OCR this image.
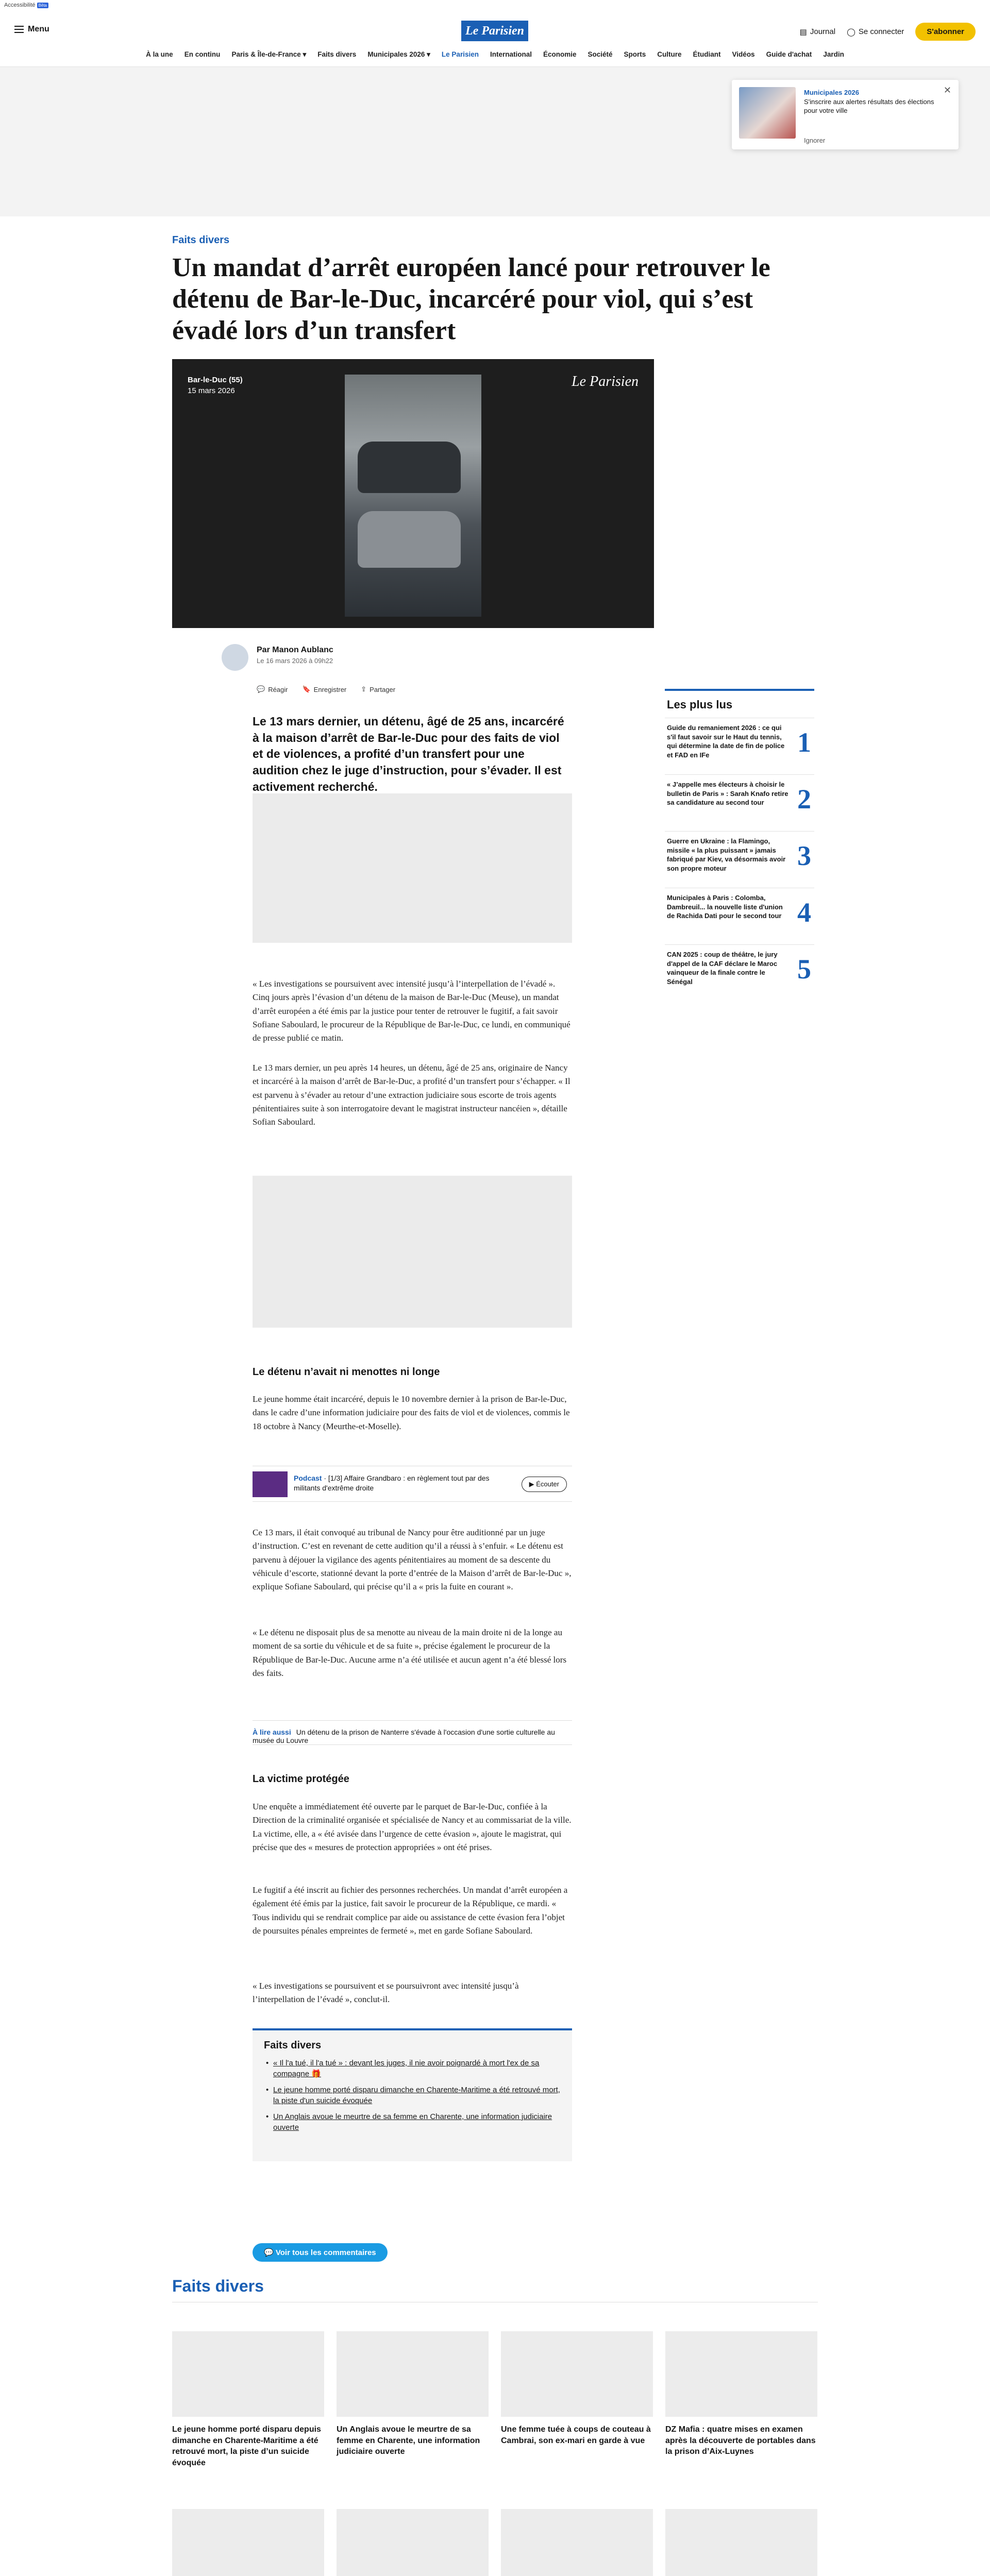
Accessibilité Bêta
Menu	Le Parisien	▤ Journal ◯ Se connecter	S'abonner
À la une En continu Paris & Île-de-France ▾ Faits divers Municipales 2026 ▾ Le Parisien International Économie Société Sports Culture Étudiant Vidéos Guide d'achat Jardin
Municipales 2026
S'inscrire aux alertes résultats des élections pour votre ville
✕
Ignorer
Faits divers
Un mandat d’arrêt européen lancé pour retrouver le détenu de Bar-le-Duc, incarcéré pour viol, qui s’est évadé lors d’un transfert
Bar-le-Duc (55)
15 mars 2026
Le Parisien
Par Manon Aublanc
Le 16 mars 2026 à 09h22
💬 Réagir 🔖 Enregistrer ⇪ Partager

Le 13 mars dernier, un détenu, âgé de 25 ans, incarcéré à la maison d’arrêt de Bar-le-Duc pour des faits de viol et de violences, a profité d’un transfert pour une audition chez le juge d’instruction, pour s’évader. Il est activement recherché.

« Les investigations se poursuivent avec intensité jusqu’à l’interpellation de l’évadé ». Cinq jours après l’évasion d’un détenu de la maison de Bar-le-Duc (Meuse), un mandat d’arrêt européen a été émis par la justice pour tenter de retrouver le fugitif, a fait savoir Sofiane Saboulard, le procureur de la République de Bar-le-Duc, ce lundi, en communiqué de presse publié ce matin.

Le 13 mars dernier, un peu après 14 heures, un détenu, âgé de 25 ans, originaire de Nancy et incarcéré à la maison d’arrêt de Bar-le-Duc, a profité d’un transfert pour s’échapper. « Il est parvenu à s’évader au retour d’une extraction judiciaire sous escorte de trois agents pénitentiaires suite à son interrogatoire devant le magistrat instructeur nancéien », détaille Sofian Saboulard.

Le détenu n’avait ni menottes ni longe

Le jeune homme était incarcéré, depuis le 10 novembre dernier à la prison de Bar-le-Duc, dans le cadre d’une information judiciaire pour des faits de viol et de violences, commis le 18 octobre à Nancy (Meurthe-et-Moselle).

Podcast · [1/3] Affaire Grandbaro : en règlement tout par des militants d'extrême droite	▶ Écouter

Ce 13 mars, il était convoqué au tribunal de Nancy pour être auditionné par un juge d’instruction. C’est en revenant de cette audition qu’il a réussi à s’enfuir. « Le détenu est parvenu à déjouer la vigilance des agents pénitentiaires au moment de sa descente du véhicule d’escorte, stationné devant la porte d’entrée de la Maison d’arrêt de Bar-le-Duc », explique Sofiane Saboulard, qui précise qu’il a « pris la fuite en courant ».

« Le détenu ne disposait plus de sa menotte au niveau de la main droite ni de la longe au moment de sa sortie du véhicule et de sa fuite », précise également le procureur de la République de Bar-le-Duc. Aucune arme n’a été utilisée et aucun agent n’a été blessé lors des faits.

À lire aussi Un détenu de la prison de Nanterre s'évade à l'occasion d'une sortie culturelle au musée du Louvre
La victime protégée

Une enquête a immédiatement été ouverte par le parquet de Bar-le-Duc, confiée à la Direction de la criminalité organisée et spécialisée de Nancy et au commissariat de la ville. La victime, elle, a « été avisée dans l’urgence de cette évasion », ajoute le magistrat, qui précise que des « mesures de protection appropriées » ont été prises.

Le fugitif a été inscrit au fichier des personnes recherchées. Un mandat d’arrêt européen a également été émis par la justice, fait savoir le procureur de la République, ce mardi. « Tous individu qui se rendrait complice par aide ou assistance de cette évasion fera l’objet de poursuites pénales empreintes de fermeté », met en garde Sofiane Saboulard.

« Les investigations se poursuivent et se poursuivront avec intensité jusqu’à l’interpellation de l’évadé », conclut-il.

Faits divers
• « Il l'a tué, il l'a tué » : devant les juges, il nie avoir poignardé à mort l'ex de sa compagne 🎁
• Le jeune homme porté disparu dimanche en Charente-Maritime a été retrouvé mort, la piste d'un suicide évoquée
• Un Anglais avoue le meurtre de sa femme en Charente, une information judiciaire ouverte
💬 Voir tous les commentaires
Les plus lus
Guide du remaniement 2026 : ce qui s'il faut savoir sur le Haut du tennis, qui détermine la date de fin de police et FAD en IFe	1
« J’appelle mes électeurs à choisir le bulletin de Paris » : Sarah Knafo retire sa candidature au second tour	2
Guerre en Ukraine : la Flamingo, missile « la plus puissant » jamais fabriqué par Kiev, va désormais avoir son propre moteur	3
Municipales à Paris : Colomba, Dambreuil... la nouvelle liste d'union de Rachida Dati pour le second tour 4
CAN 2025 : coup de théâtre, le jury d'appel de la CAF déclare le Maroc vainqueur de la finale contre le Sénégal	5
Faits divers
Le jeune homme porté disparu depuis dimanche en Charente-Maritime a été retrouvé mort, la piste d’un suicide évoquée
Un Anglais avoue le meurtre de sa femme en Charente, une information judiciaire ouverte
Une femme tuée à coups de couteau à Cambrai, son ex-mari en garde à vue
DZ Mafia : quatre mises en examen après la découverte de portables dans la prison d’Aix-Luynes
